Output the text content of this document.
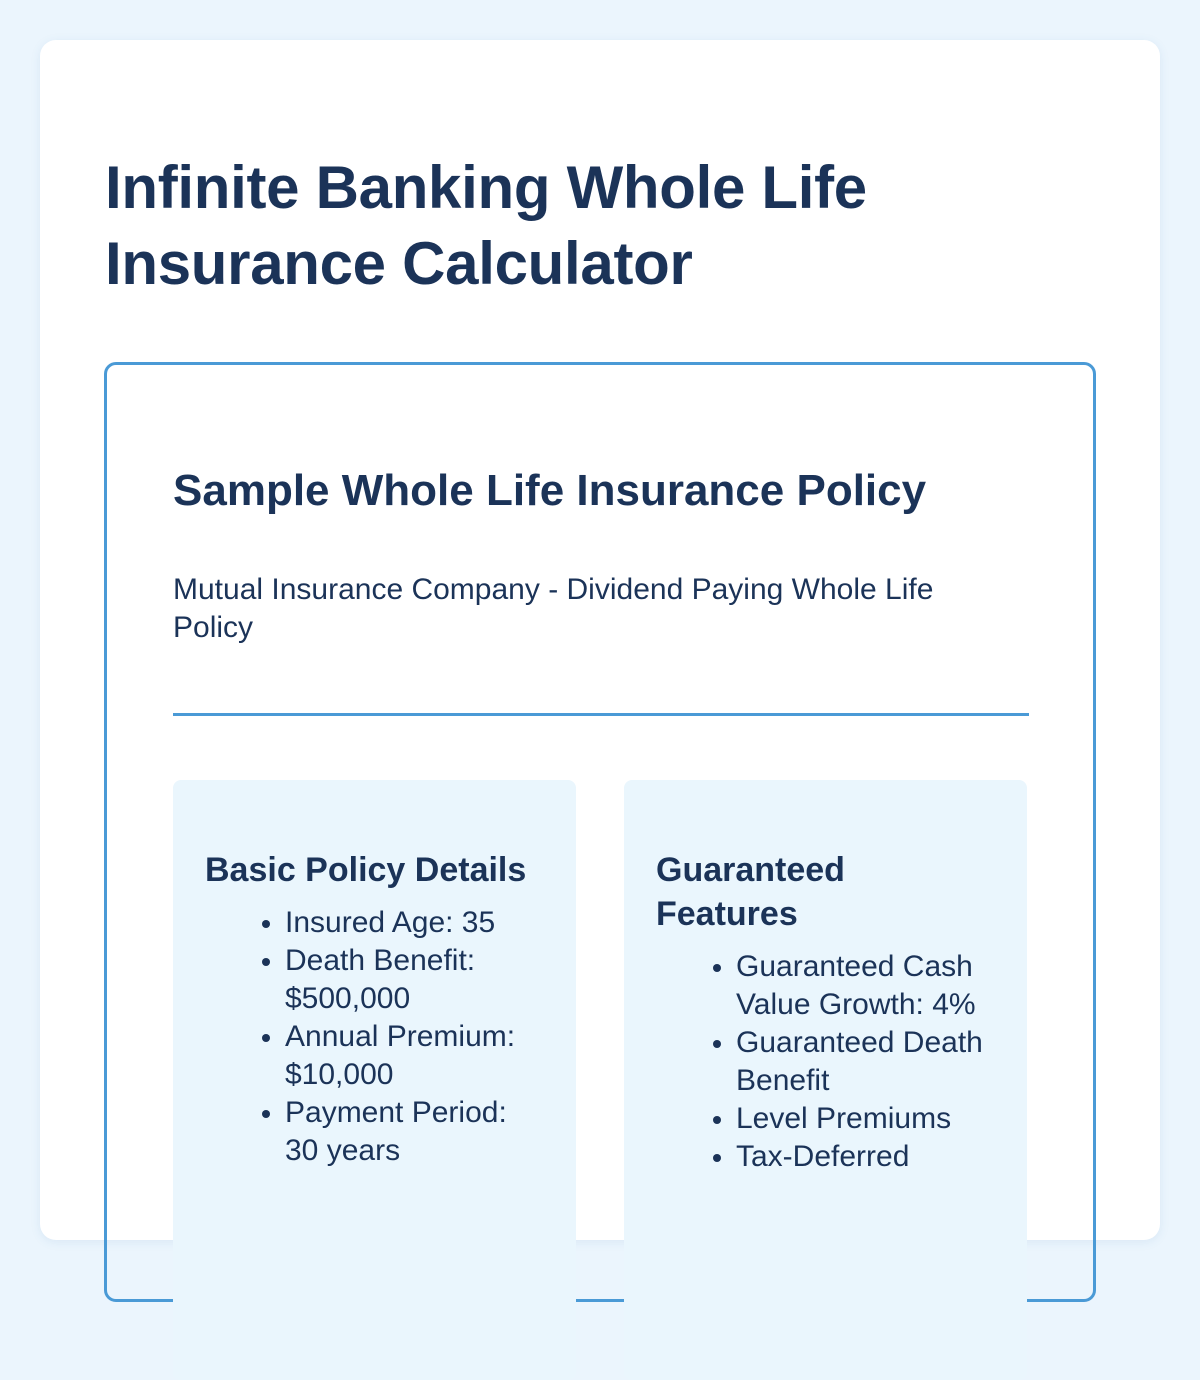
Infinite Banking Whole Life Insurance Calculator
Sample Whole Life Insurance Policy

Mutual Insurance Company - Dividend Paying Whole Life Policy

Basic Policy Details
• Insured Age: 35
• Death Benefit: $500,000
• Annual Premium: $10,000
• Payment Period: 30 years
Guaranteed Features
• Guaranteed Cash Value Growth: 4%
• Guaranteed Death Benefit
• Level Premiums
• Tax-Deferred
